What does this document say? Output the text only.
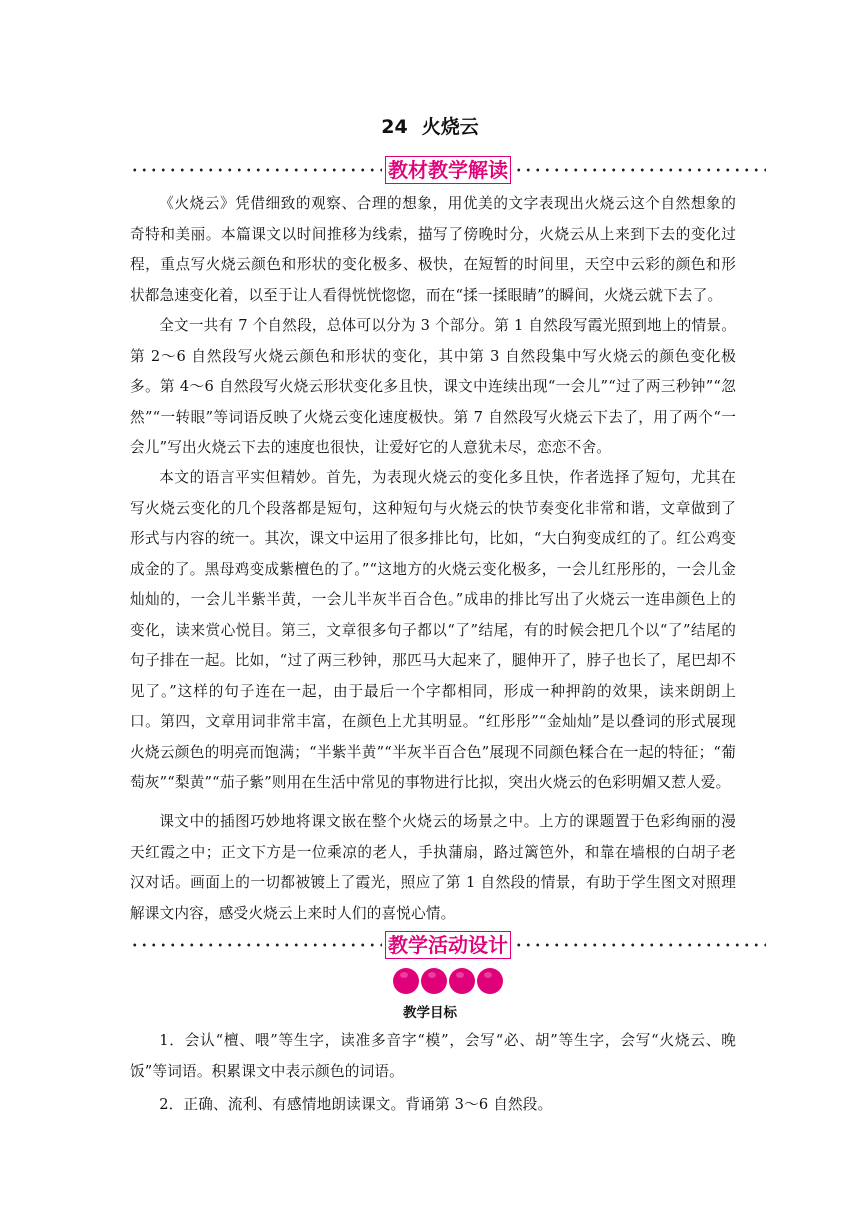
24 火烧云
教材教学解读

《火烧云》凭借细致的观察、合理的想象，用优美的文字表现出火烧云这个自然想象的奇特和美丽。本篇课文以时间推移为线索，描写了傍晚时分，火烧云从上来到下去的变化过程，重点写火烧云颜色和形状的变化极多、极快，在短暂的时间里，天空中云彩的颜色和形状都急速变化着，以至于让人看得恍恍惚惚，而在“揉一揉眼睛”的瞬间，火烧云就下去了。

全文一共有 7 个自然段，总体可以分为 3 个部分。第 1 自然段写霞光照到地上的情景。第 2～6 自然段写火烧云颜色和形状的变化，其中第 3 自然段集中写火烧云的颜色变化极多。第 4～6 自然段写火烧云形状变化多且快，课文中连续出现“一会儿”“过了两三秒钟”“忽然”“一转眼”等词语反映了火烧云变化速度极快。第 7 自然段写火烧云下去了，用了两个“一会儿”写出火烧云下去的速度也很快，让爱好它的人意犹未尽，恋恋不舍。

本文的语言平实但精妙。首先，为表现火烧云的变化多且快，作者选择了短句，尤其在写火烧云变化的几个段落都是短句，这种短句与火烧云的快节奏变化非常和谐，文章做到了形式与内容的统一。其次，课文中运用了很多排比句，比如，“大白狗变成红的了。红公鸡变成金的了。黑母鸡变成紫檀色的了。”“这地方的火烧云变化极多，一会儿红彤彤的，一会儿金灿灿的，一会儿半紫半黄，一会儿半灰半百合色。”成串的排比写出了火烧云一连串颜色上的变化，读来赏心悦目。第三，文章很多句子都以“了”结尾，有的时候会把几个以“了”结尾的句子排在一起。比如，“过了两三秒钟，那匹马大起来了，腿伸开了，脖子也长了，尾巴却不见了。”这样的句子连在一起，由于最后一个字都相同，形成一种押韵的效果，读来朗朗上口。第四，文章用词非常丰富，在颜色上尤其明显。“红彤彤”“金灿灿”是以叠词的形式展现火烧云颜色的明亮而饱满；“半紫半黄”“半灰半百合色”展现不同颜色糅合在一起的特征；“葡萄灰”“梨黄”“茄子紫”则用在生活中常见的事物进行比拟，突出火烧云的色彩明媚又惹人爱。

课文中的插图巧妙地将课文嵌在整个火烧云的场景之中。上方的课题置于色彩绚丽的漫天红霞之中；正文下方是一位乘凉的老人，手执蒲扇，路过篱笆外，和靠在墙根的白胡子老汉对话。画面上的一切都被镀上了霞光，照应了第 1 自然段的情景，有助于学生图文对照理解课文内容，感受火烧云上来时人们的喜悦心情。

教学活动设计
教学目标

1．会认“檀、喂”等生字，读准多音字“模”，会写“必、胡”等生字，会写“火烧云、晚饭”等词语。积累课文中表示颜色的词语。

2．正确、流利、有感情地朗读课文。背诵第 3～6 自然段。
